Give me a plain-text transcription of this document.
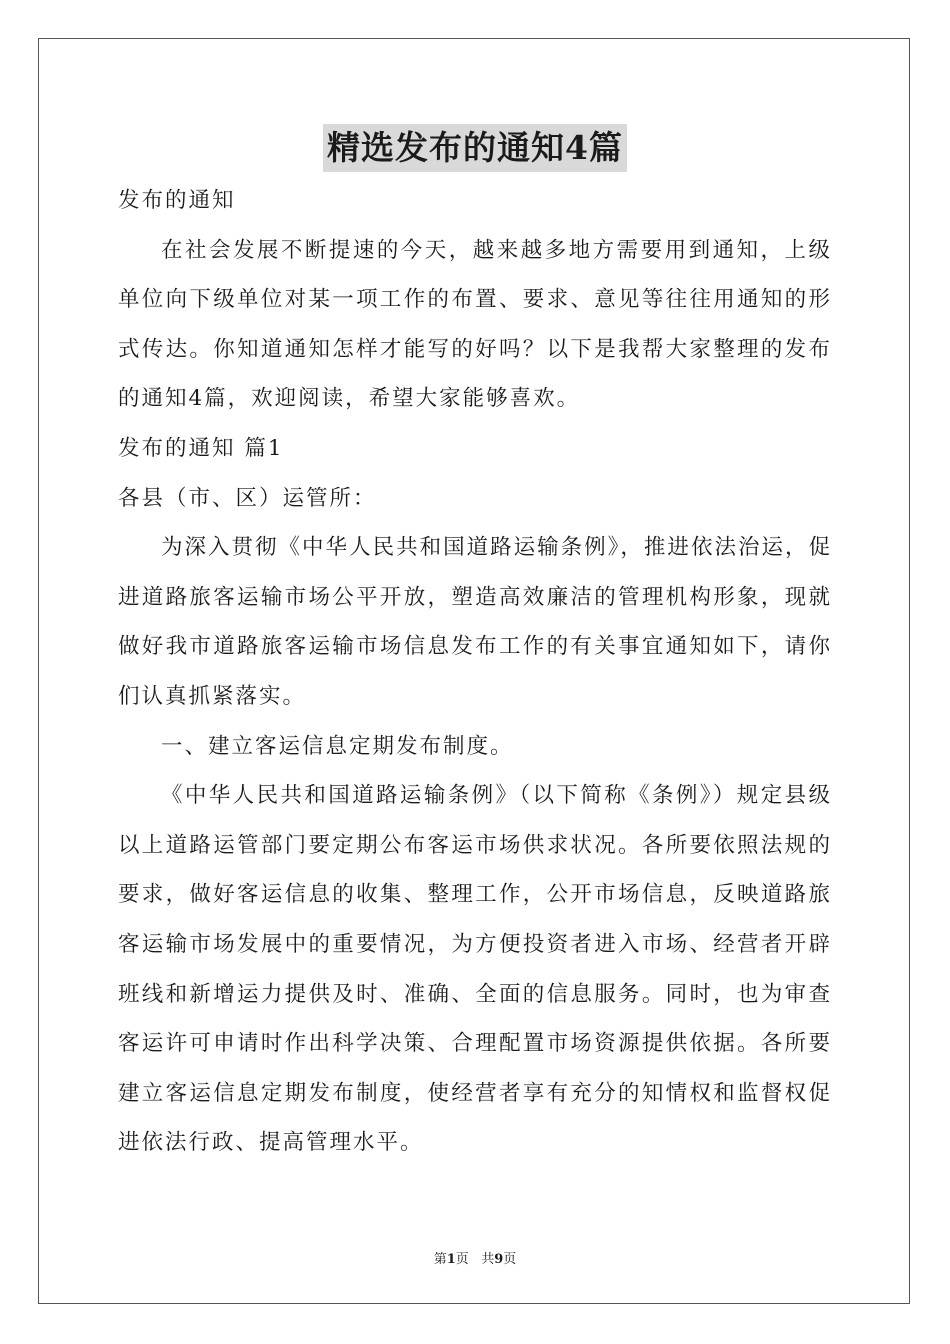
精选发布的通知4篇

发布的通知

在社会发展不断提速的今天，越来越多地方需要用到通知，上级单位向下级单位对某一项工作的布置、要求、意见等往往用通知的形式传达。你知道通知怎样才能写的好吗？以下是我帮大家整理的发布的通知4篇，欢迎阅读，希望大家能够喜欢。

发布的通知 篇1

各县（市、区）运管所：

为深入贯彻《中华人民共和国道路运输条例》，推进依法治运，促进道路旅客运输市场公平开放，塑造高效廉洁的管理机构形象，现就做好我市道路旅客运输市场信息发布工作的有关事宜通知如下，请你们认真抓紧落实。

一、建立客运信息定期发布制度。

《中华人民共和国道路运输条例》（以下简称《条例》）规定县级以上道路运管部门要定期公布客运市场供求状况。各所要依照法规的要求，做好客运信息的收集、整理工作，公开市场信息，反映道路旅客运输市场发展中的重要情况，为方便投资者进入市场、经营者开辟班线和新增运力提供及时、准确、全面的信息服务。同时，也为审查客运许可申请时作出科学决策、合理配置市场资源提供依据。各所要建立客运信息定期发布制度，使经营者享有充分的知情权和监督权促进依法行政、提高管理水平。

第1页   共9页
